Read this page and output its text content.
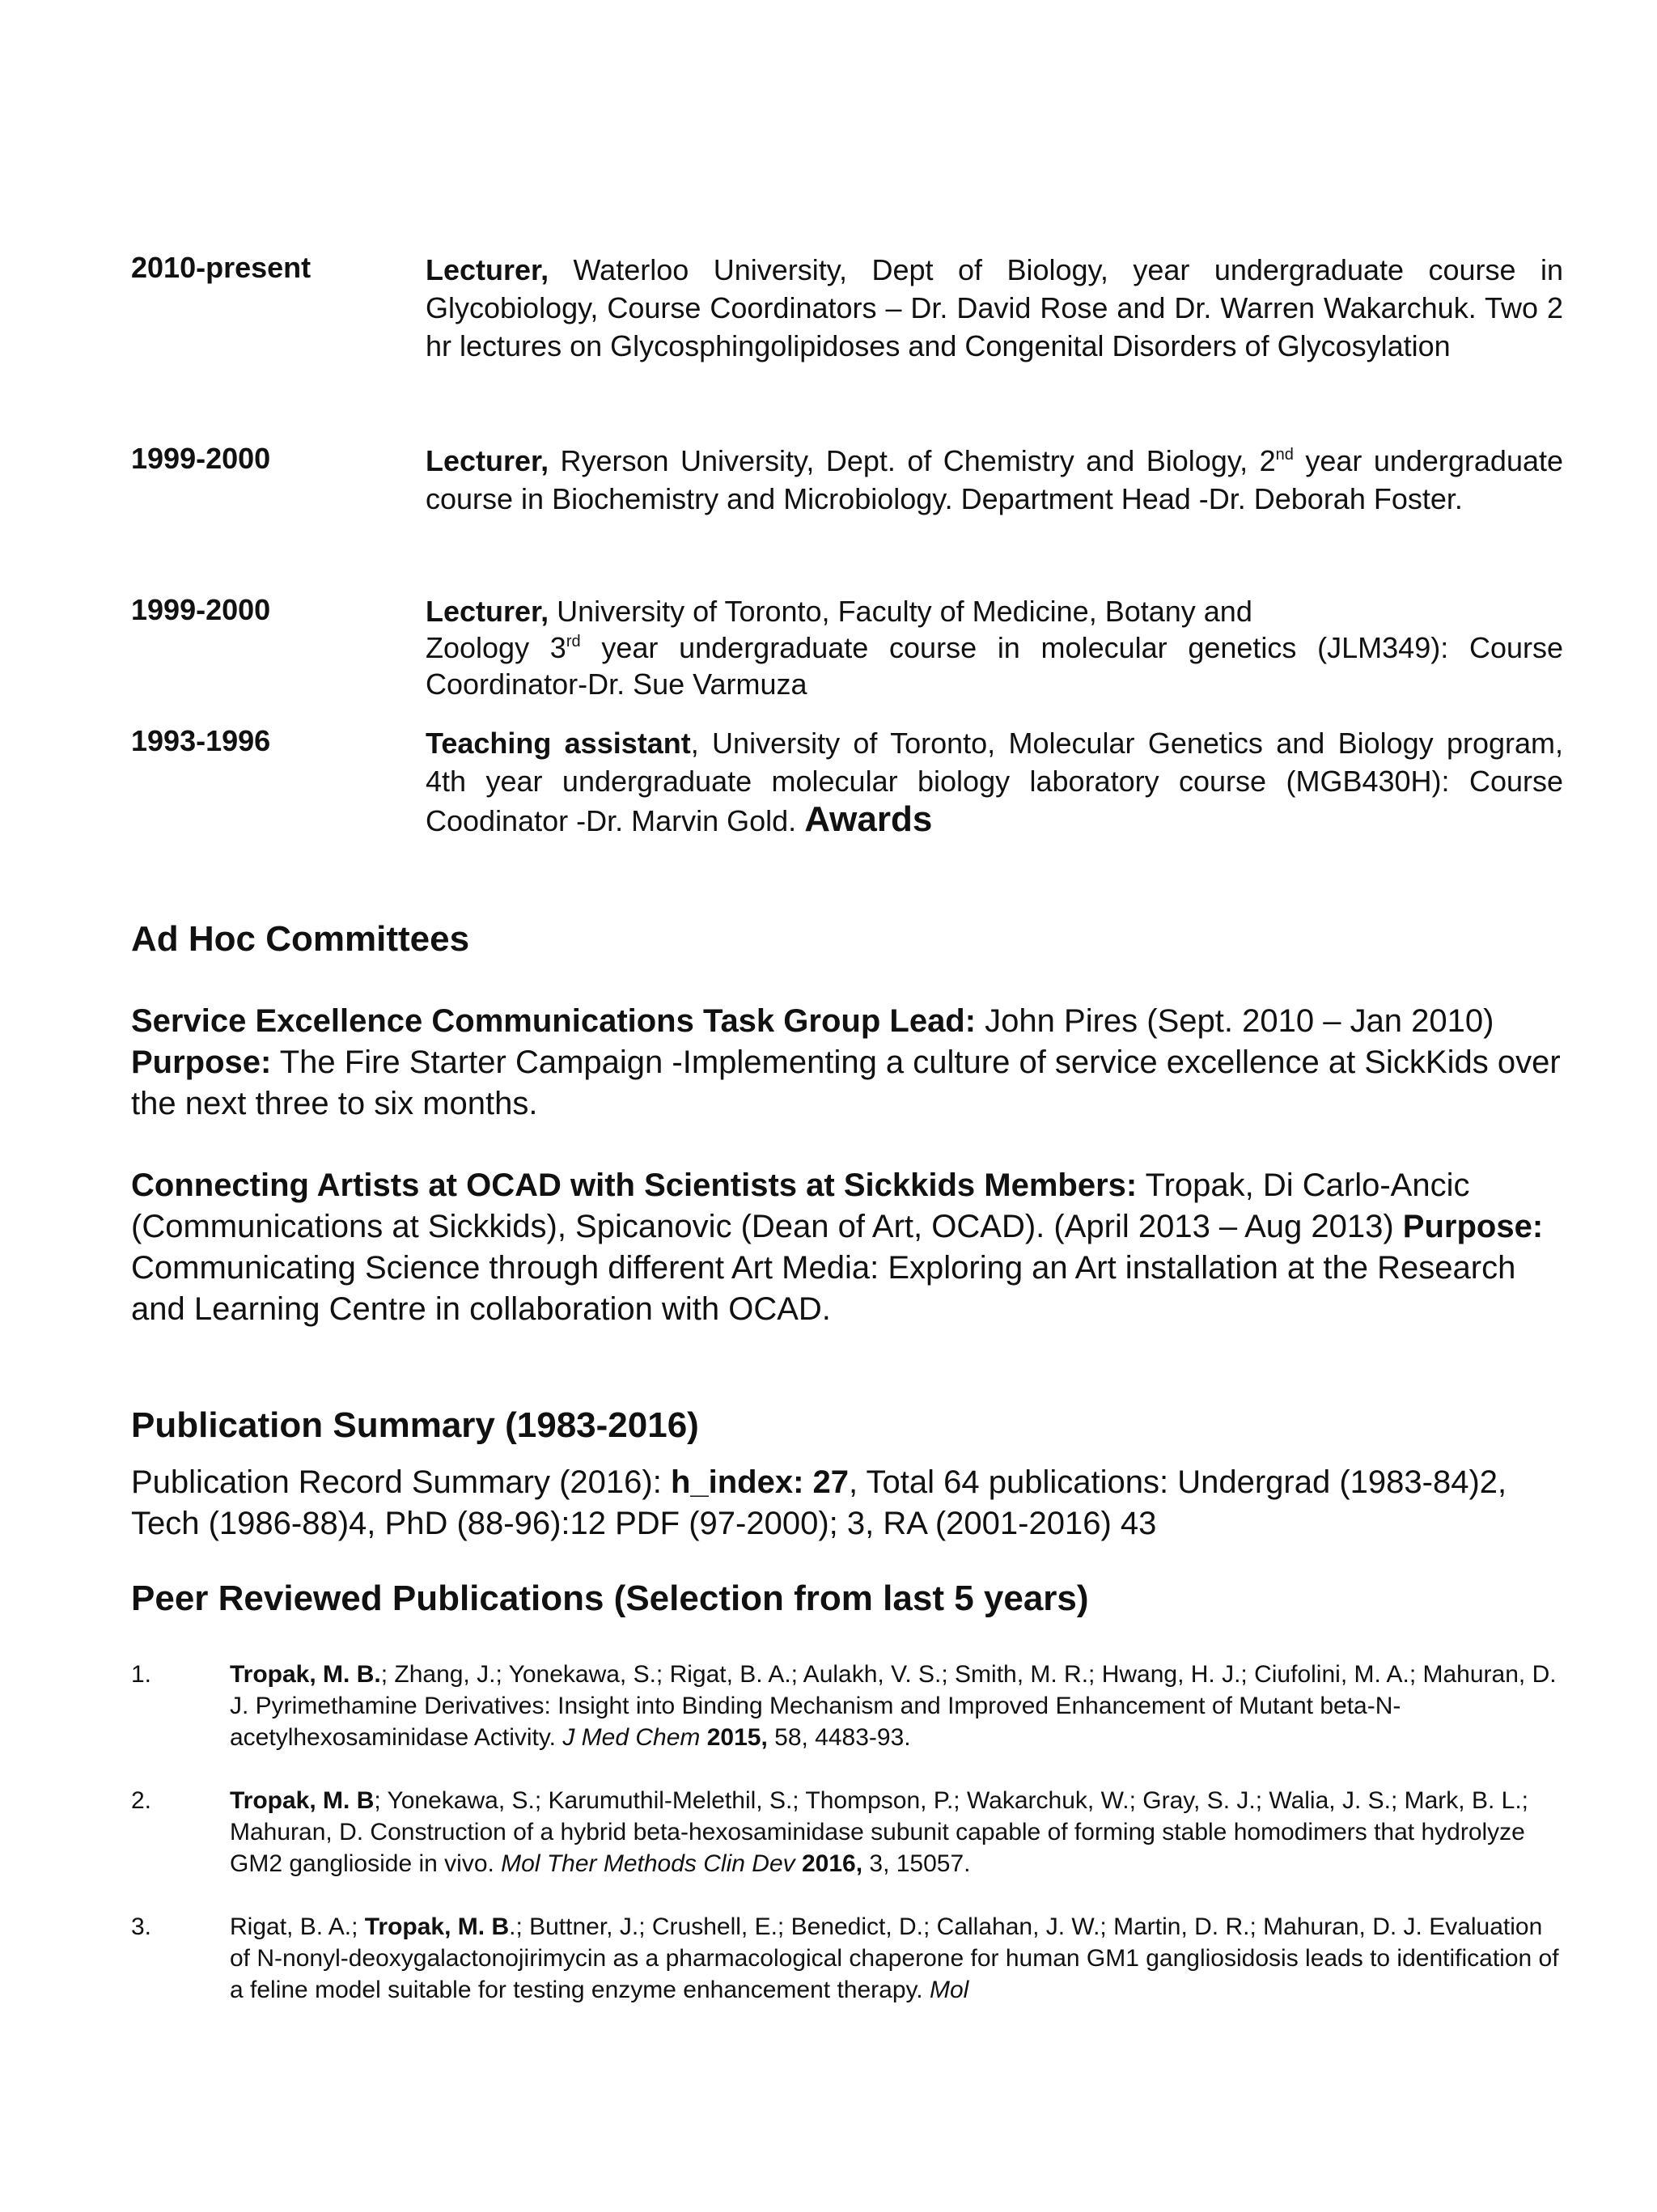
2010-present	Lecturer, Waterloo University, Dept of Biology, year undergraduate course in Glycobiology, Course Coordinators – Dr. David Rose and Dr. Warren Wakarchuk. Two 2 hr lectures on Glycosphingolipidoses and Congenital Disorders of Glycosylation
1999-2000	Lecturer, Ryerson University, Dept. of Chemistry and Biology, 2nd year undergraduate course in Biochemistry and Microbiology. Department Head -Dr. Deborah Foster.
1999-2000	Lecturer, University of Toronto, Faculty of Medicine, Botany and
Zoology 3rd year undergraduate course in molecular genetics (JLM349): Course Coordinator-Dr. Sue Varmuza
1993-1996	Teaching assistant, University of Toronto, Molecular Genetics and Biology program, 4th year undergraduate molecular biology laboratory course (MGB430H): Course Coodinator -Dr. Marvin Gold. Awards
Ad Hoc Committees
Service Excellence Communications Task Group Lead: John Pires (Sept. 2010 – Jan 2010) Purpose: The Fire Starter Campaign -Implementing a culture of service excellence at SickKids over the next three to six months.
Connecting Artists at OCAD with Scientists at Sickkids Members: Tropak, Di Carlo-Ancic (Communications at Sickkids), Spicanovic (Dean of Art, OCAD). (April 2013 – Aug 2013) Purpose: Communicating Science through different Art Media: Exploring an Art installation at the Research and Learning Centre in collaboration with OCAD.
Publication Summary (1983-2016)
Publication Record Summary (2016): h_index: 27, Total 64 publications: Undergrad (1983-84)2, Tech (1986-88)4, PhD (88-96):12 PDF (97-2000); 3, RA (2001-2016) 43
Peer Reviewed Publications (Selection from last 5 years)
1.	Tropak, M. B.; Zhang, J.; Yonekawa, S.; Rigat, B. A.; Aulakh, V. S.; Smith, M. R.; Hwang, H. J.; Ciufolini, M. A.; Mahuran, D. J. Pyrimethamine Derivatives: Insight into Binding Mechanism and Improved Enhancement of Mutant beta-N-acetylhexosaminidase Activity. J Med Chem 2015, 58, 4483-93.
2.	Tropak, M. B; Yonekawa, S.; Karumuthil-Melethil, S.; Thompson, P.; Wakarchuk, W.; Gray, S. J.; Walia, J. S.; Mark, B. L.; Mahuran, D. Construction of a hybrid beta-hexosaminidase subunit capable of forming stable homodimers that hydrolyze GM2 ganglioside in vivo. Mol Ther Methods Clin Dev 2016, 3, 15057.
3.	Rigat, B. A.; Tropak, M. B.; Buttner, J.; Crushell, E.; Benedict, D.; Callahan, J. W.; Martin, D. R.; Mahuran, D. J. Evaluation of N-nonyl-deoxygalactonojirimycin as a pharmacological chaperone for human GM1 gangliosidosis leads to identification of a feline model suitable for testing enzyme enhancement therapy. Mol
